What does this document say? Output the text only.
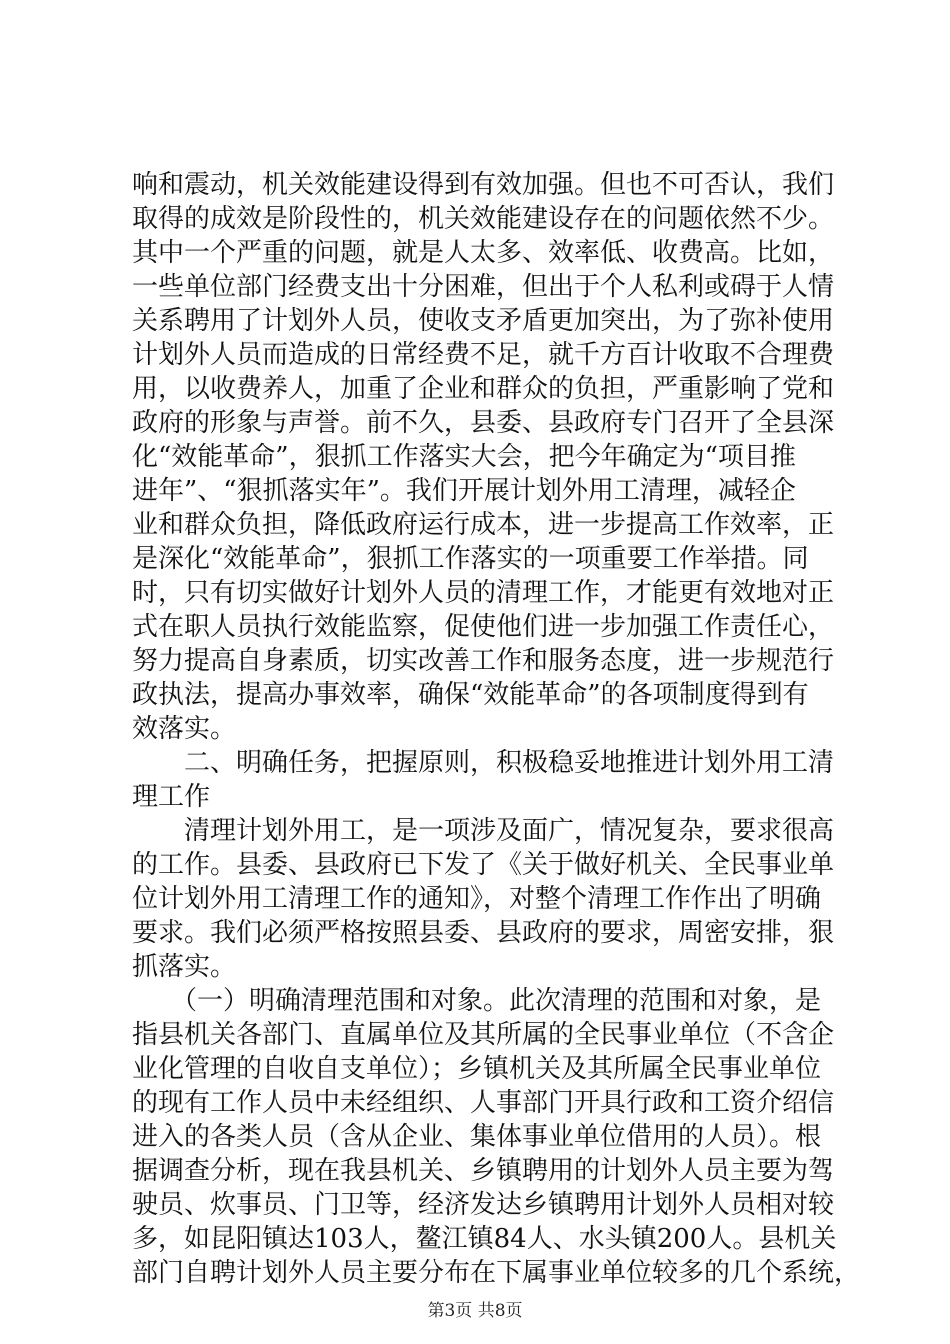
响和震动，机关效能建设得到有效加强。但也不可否认，我们
取得的成效是阶段性的，机关效能建设存在的问题依然不少。
其中一个严重的问题，就是人太多、效率低、收费高。比如，
一些单位部门经费支出十分困难，但出于个人私利或碍于人情
关系聘用了计划外人员，使收支矛盾更加突出，为了弥补使用
计划外人员而造成的日常经费不足，就千方百计收取不合理费
用，以收费养人，加重了企业和群众的负担，严重影响了党和
政府的形象与声誉。前不久，县委、县政府专门召开了全县深
化“效能革命”，狠抓工作落实大会，把今年确定为“项目推
进年”、“狠抓落实年”。我们开展计划外用工清理，减轻企
业和群众负担，降低政府运行成本，进一步提高工作效率，正
是深化“效能革命”，狠抓工作落实的一项重要工作举措。同
时，只有切实做好计划外人员的清理工作，才能更有效地对正
式在职人员执行效能监察，促使他们进一步加强工作责任心，
努力提高自身素质，切实改善工作和服务态度，进一步规范行
政执法，提高办事效率，确保“效能革命”的各项制度得到有
效落实。
　　二、明确任务，把握原则，积极稳妥地推进计划外用工清
理工作
　　清理计划外用工，是一项涉及面广，情况复杂，要求很高
的工作。县委、县政府已下发了《关于做好机关、全民事业单
位计划外用工清理工作的通知》，对整个清理工作作出了明确
要求。我们必须严格按照县委、县政府的要求，周密安排，狠
抓落实。
　　（一）明确清理范围和对象。此次清理的范围和对象，是
指县机关各部门、直属单位及其所属的全民事业单位（不含企
业化管理的自收自支单位）；乡镇机关及其所属全民事业单位
的现有工作人员中未经组织、人事部门开具行政和工资介绍信
进入的各类人员（含从企业、集体事业单位借用的人员）。根
据调查分析，现在我县机关、乡镇聘用的计划外人员主要为驾
驶员、炊事员、门卫等，经济发达乡镇聘用计划外人员相对较
多，如昆阳镇达103人，鳌江镇84人、水头镇200人。县机关
部门自聘计划外人员主要分布在下属事业单位较多的几个系统，
第3页 共8页
